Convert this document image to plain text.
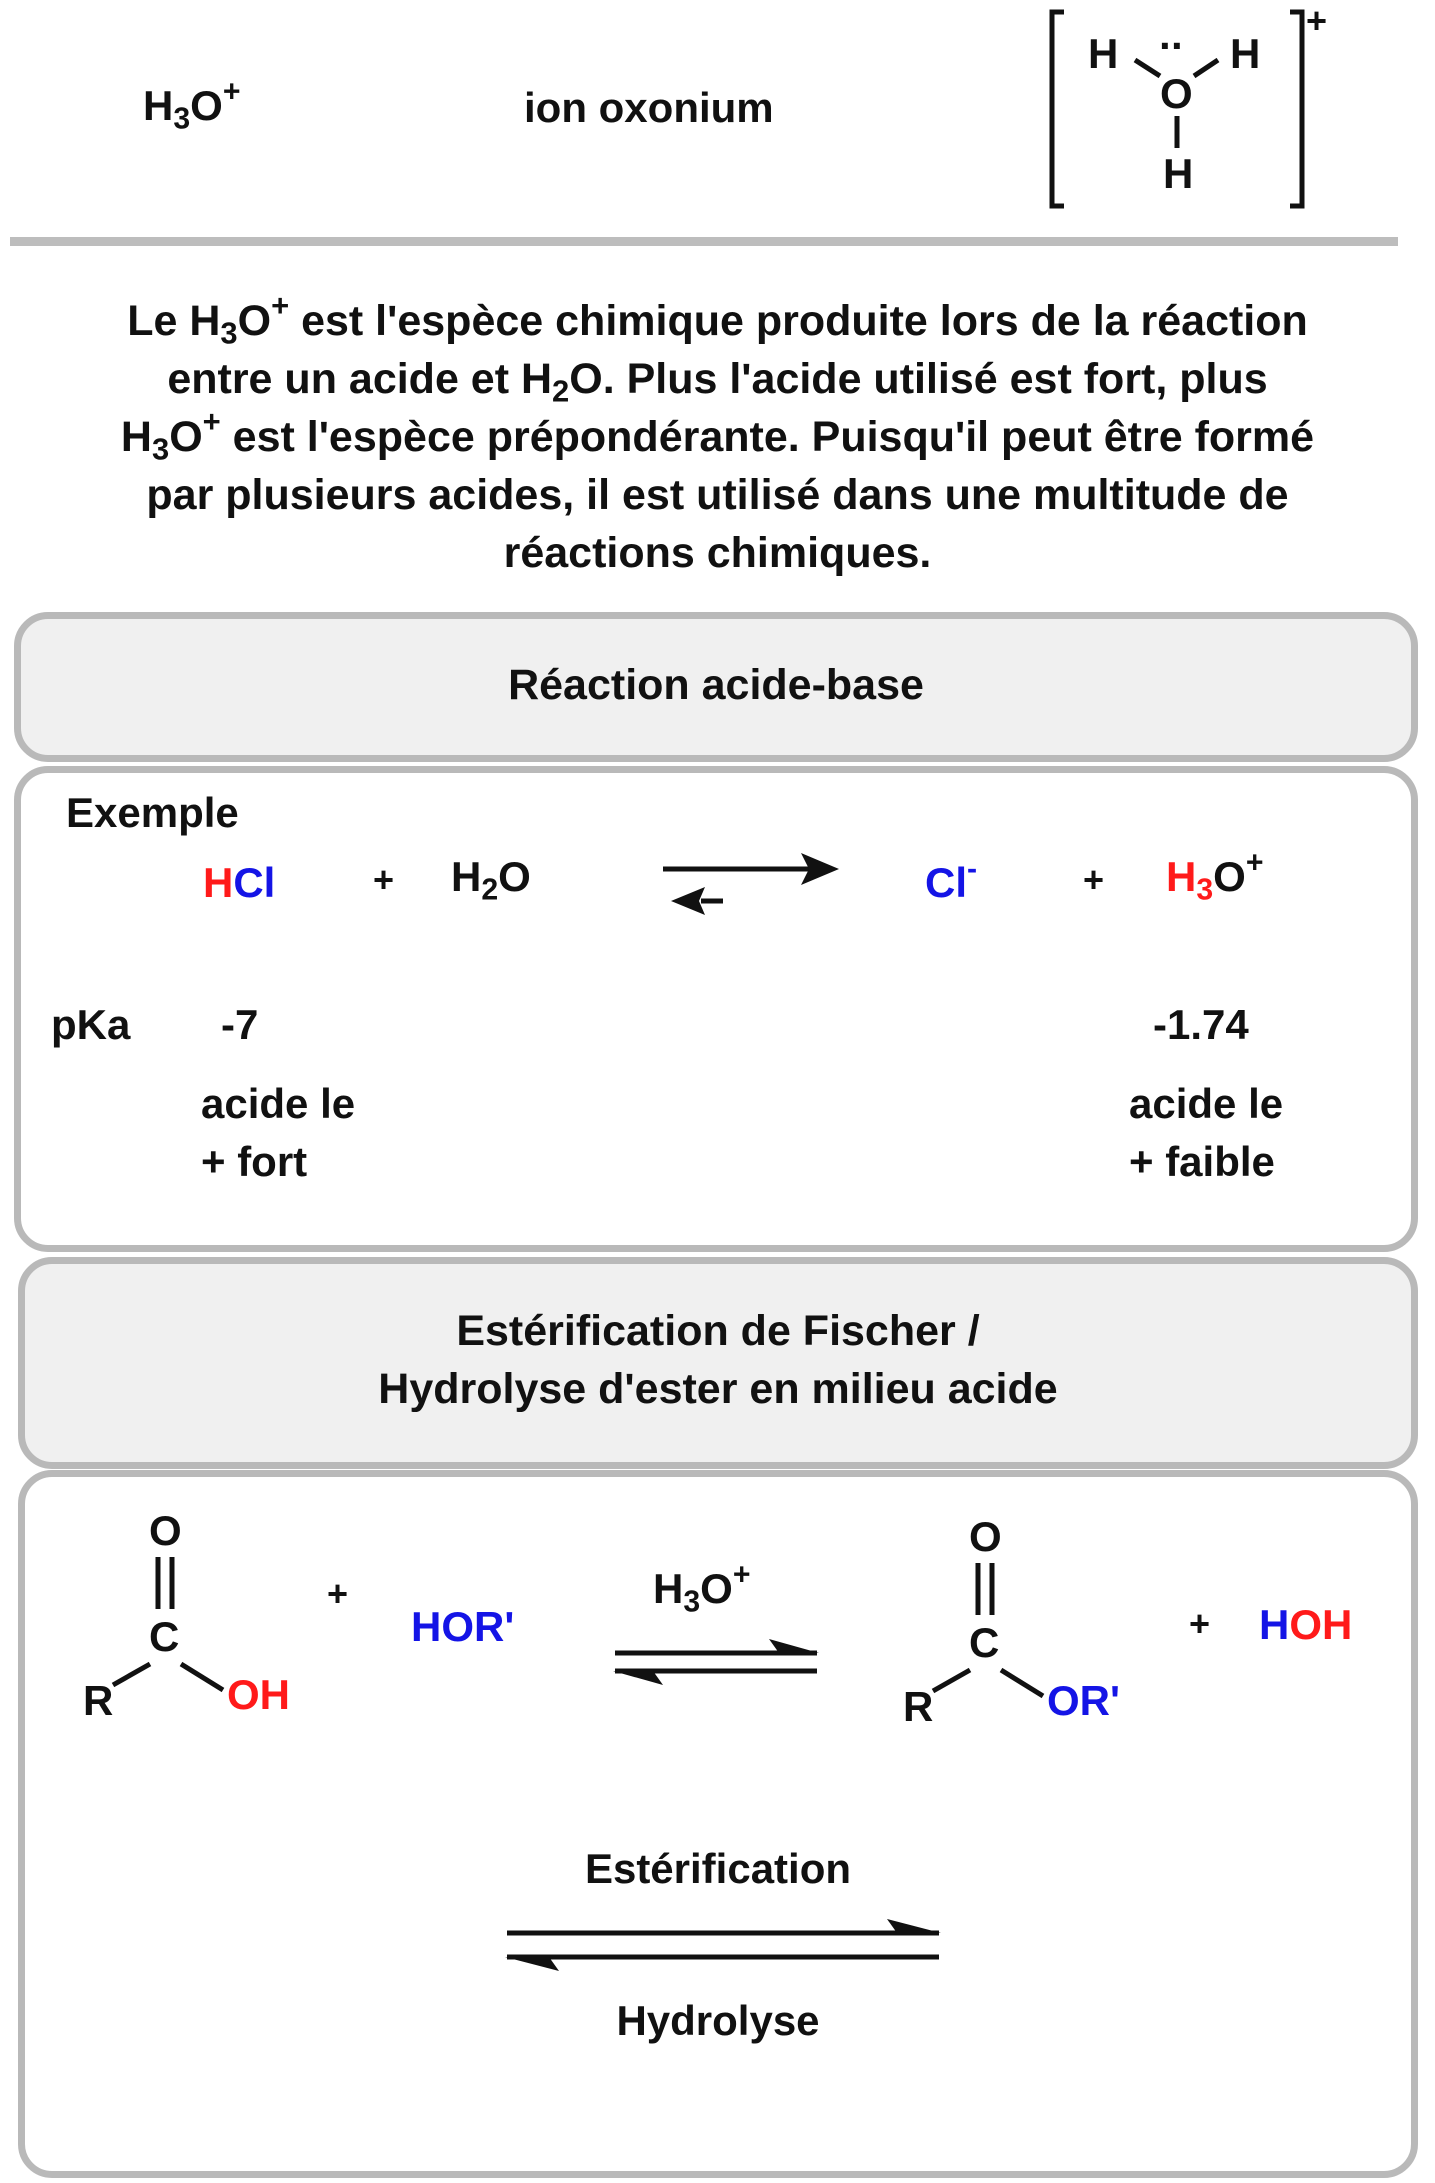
$H_3O^+$	ion oxonium
H	H
··
O
H
+
Le $H_3O^+$ est l'espèce chimique produite lors de la réaction
entre un acide et $H_2O$. Plus l'acide utilisé est fort, plus
$H_3O^+$ est l'espèce prépondérante. Puisqu'il peut être formé
par plusieurs acides, il est utilisé dans une multitude de
réactions chimiques.
Réaction acide-base
Exemple
HCl	+ $H_2O$	Cl-	+ $H_3O^+$
pKa -7	-1.74
acide le
+ fort
acide le
+ faible
Estérification de Fischer /
Hydrolyse d'ester en milieu acide
O
C
R	OH
+
HOR'
$H_3O^+$
O
C
R	OR'
+ HOH
Estérification
Hydrolyse
